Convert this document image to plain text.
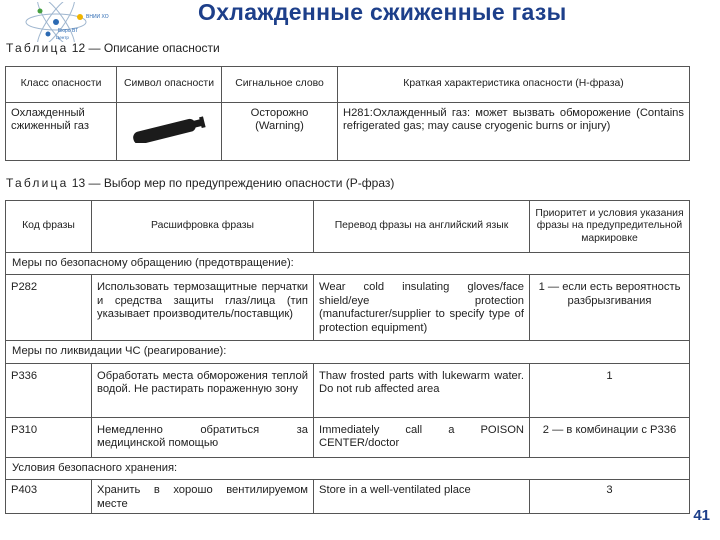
ВНИИ ХО
Бюро ВТ
Центр
Охлажденные сжиженные газы
Таблица 12 — Описание опасности
Класс опасности	Символ опасности	Сигнальное слово	Краткая характеристика опасности (Н-фраза)
Охлажденный сжиженный газ		Осторожно (Warning)	H281:Охлажденный газ: может вызвать обморожение (Contains refrigerated gas; may cause cryogenic burns or injury)
Таблица 13 — Выбор мер по предупреждению опасности (Р-фраз)
Код фразы	Расшифровка фразы	Перевод фразы на английский язык	Приоритет и условия указания фразы на предупредительной маркировке
Меры по безопасному обращению (предотвращение):			
Р282	Использовать термозащитные перчатки и средства защиты глаз/лица (тип указывает производитель/поставщик)	Wear cold insulating gloves/face shield/eye protection (manufacturer/supplier to specify type of protection equipment)	1 — если есть вероятность разбрызгивания
Меры по ликвидации ЧС (реагирование):			
Р336	Обработать места обморожения теплой водой. Не растирать пораженную зону	Thaw frosted parts with lukewarm water. Do not rub affected area	1
Р310	Немедленно обратиться за медицинской помощью	Immediately call a POISON CENTER/doctor	2 — в комбинации с Р336
Условия безопасного хранения:			
Р403	Хранить в хорошо вентилируемом месте	Store in a well-ventilated place	3
41
